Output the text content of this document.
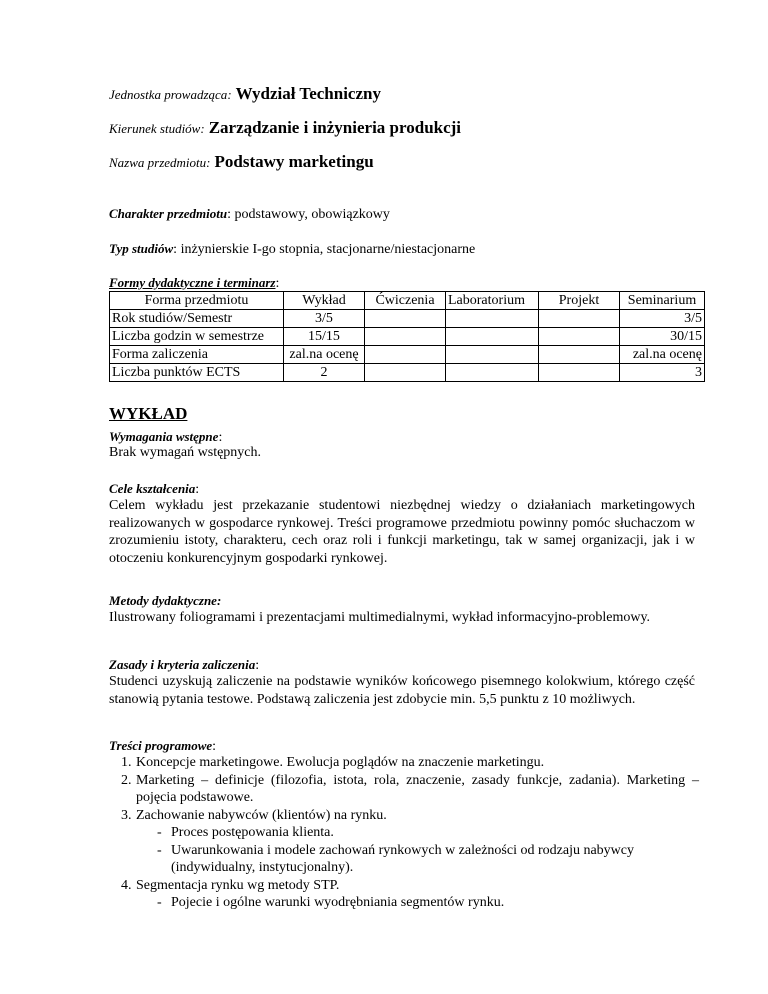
Jednostka prowadząca: Wydział Techniczny
Kierunek studiów: Zarządzanie i inżynieria produkcji
Nazwa przedmiotu: Podstawy marketingu
Charakter przedmiotu: podstawowy, obowiązkowy
Typ studiów: inżynierskie I-go stopnia, stacjonarne/niestacjonarne
Formy dydaktyczne i terminarz:
Forma przedmiotu	Wykład	Ćwiczenia	Laboratorium	Projekt	Seminarium
Rok studiów/Semestr	3/5				3/5
Liczba godzin w semestrze	15/15				30/15
Forma zaliczenia	zal.na ocenę				zal.na ocenę
Liczba punktów ECTS	2				3
WYKŁAD
Wymagania wstępne:
Brak wymagań wstępnych.
Cele kształcenia:
Celem wykładu jest przekazanie studentowi niezbędnej wiedzy o działaniach marketingowych realizowanych w gospodarce rynkowej. Treści programowe przedmiotu powinny pomóc słuchaczom w zrozumieniu istoty, charakteru, cech oraz roli i funkcji marketingu, tak w samej organizacji, jak i w otoczeniu konkurencyjnym gospodarki rynkowej.
Metody dydaktyczne:
Ilustrowany foliogramami i prezentacjami multimedialnymi, wykład informacyjno-problemowy.
Zasady i kryteria zaliczenia:
Studenci uzyskują zaliczenie na podstawie wyników końcowego pisemnego kolokwium, którego część stanowią pytania testowe. Podstawą zaliczenia jest zdobycie min. 5,5 punktu z 10 możliwych.
Treści programowe:
1. Koncepcje marketingowe. Ewolucja poglądów na znaczenie marketingu.
2. Marketing – definicje (filozofia, istota, rola, znaczenie, zasady funkcje, zadania). Marketing – pojęcia podstawowe.
3. Zachowanie nabywców (klientów) na rynku.
- Proces postępowania klienta.
- Uwarunkowania i modele zachowań rynkowych w zależności od rodzaju nabywcy (indywidualny, instytucjonalny).
4. Segmentacja rynku wg metody STP.
- Pojecie i ogólne warunki wyodrębniania segmentów rynku.
